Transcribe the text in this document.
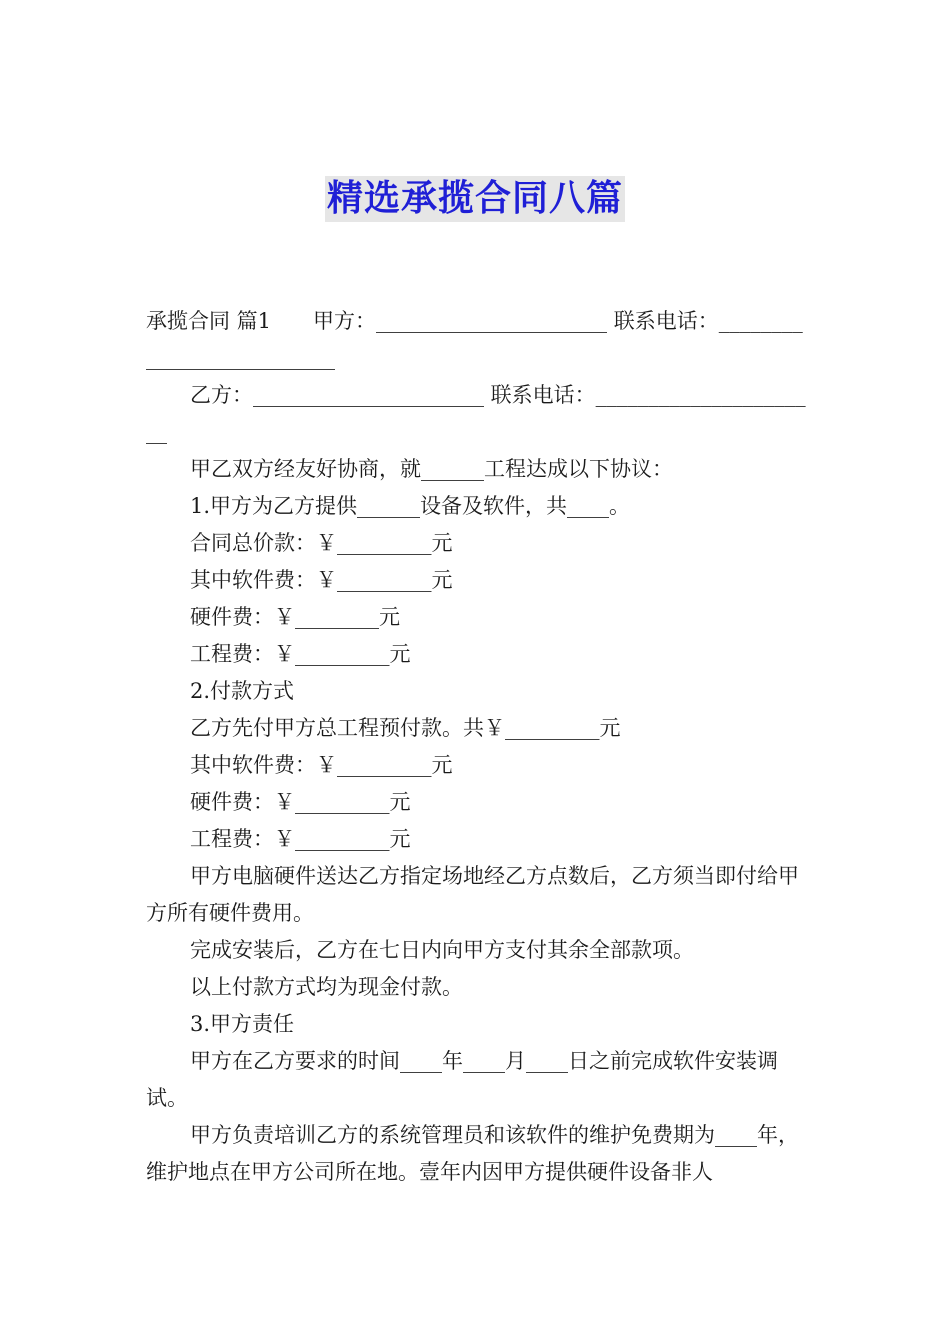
精选承揽合同八篇

承揽合同 篇1　　甲方：______________________ 联系电话：__________________________

乙方：______________________ 联系电话：______________________

甲乙双方经友好协商，就______工程达成以下协议：

1.甲方为乙方提供______设备及软件，共____。

合同总价款：￥_________元

其中软件费：￥_________元

硬件费：￥________元

工程费：￥_________元

2.付款方式

乙方先付甲方总工程预付款。共￥_________元

其中软件费：￥_________元

硬件费：￥_________元

工程费：￥_________元

甲方电脑硬件送达乙方指定场地经乙方点数后，乙方须当即付给甲方所有硬件费用。

完成安装后，乙方在七日内向甲方支付其余全部款项。

以上付款方式均为现金付款。

3.甲方责任

甲方在乙方要求的时间____年____月____日之前完成软件安装调试。

甲方负责培训乙方的系统管理员和该软件的维护免费期为____年，维护地点在甲方公司所在地。壹年内因甲方提供硬件设备非人
